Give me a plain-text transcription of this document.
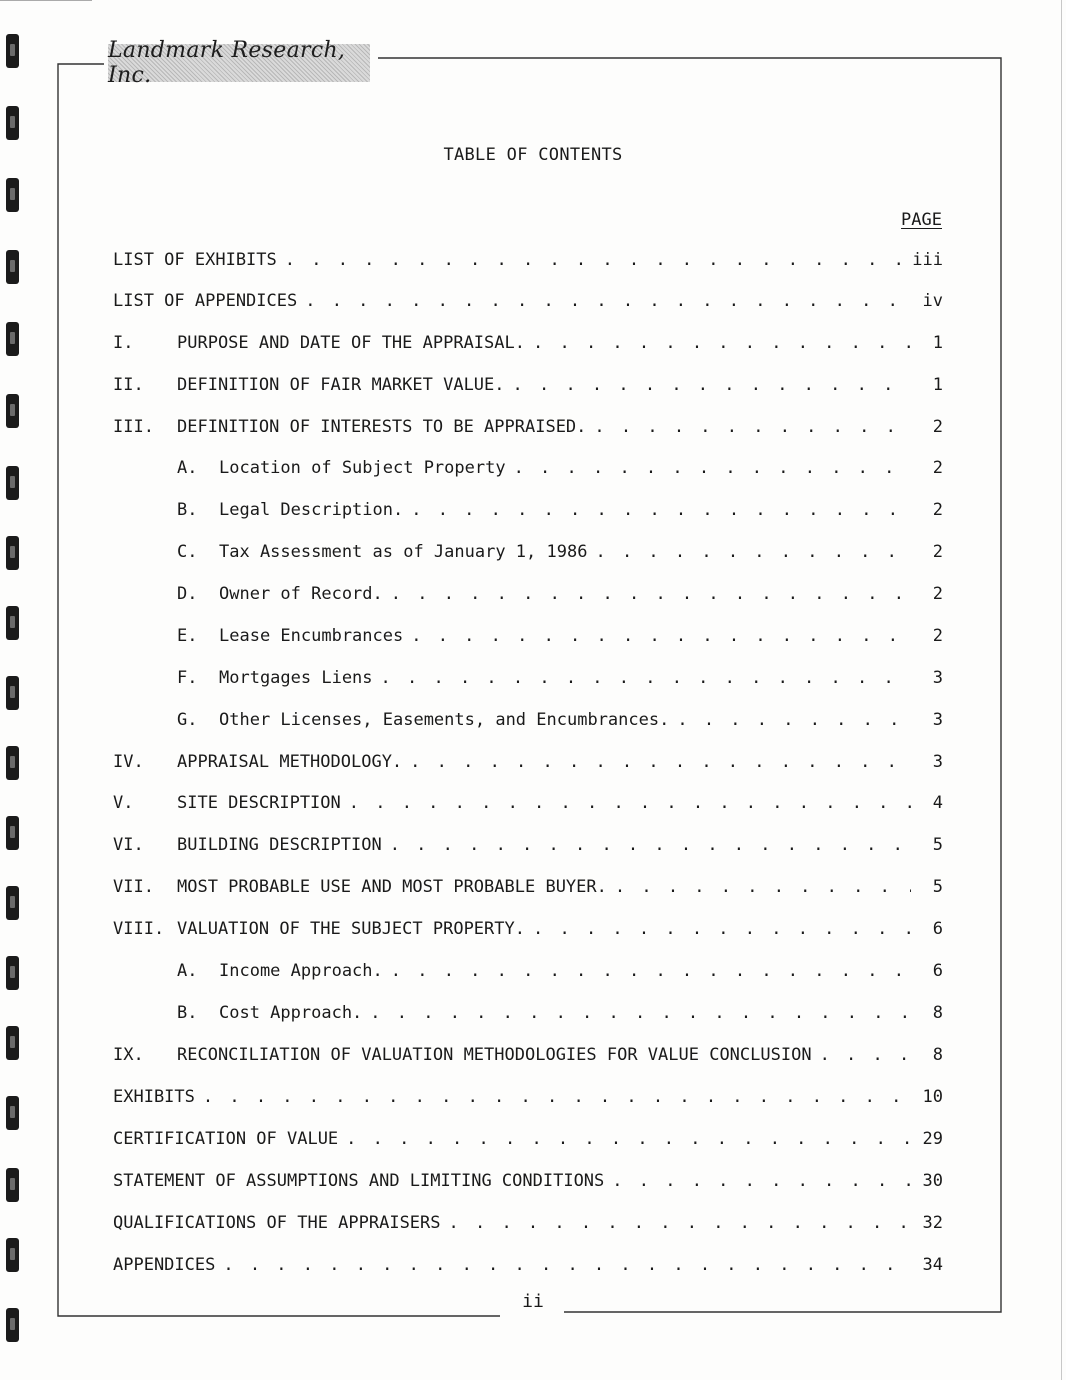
Landmark Research, Inc.
TABLE OF CONTENTS
PAGE
LIST OF EXHIBITS . . .	iii
LIST OF APPENDICES . . .	iv
I.	PURPOSE AND DATE OF THE APPRAISAL. . . .	1
II.	DEFINITION OF FAIR MARKET VALUE. . . .	1
III.	DEFINITION OF INTERESTS TO BE APPRAISED. . . .	2
A.	Location of Subject Property . . .	2
B.	Legal Description. . . .	2
C.	Tax Assessment as of January 1, 1986 . . .	2
D.	Owner of Record. . . .	2
E.	Lease Encumbrances . . .	2
F.	Mortgages Liens . . .	3
G.	Other Licenses, Easements, and Encumbrances. . . .	3
IV.	APPRAISAL METHODOLOGY. . . .	3
V.	SITE DESCRIPTION . . .	4
VI.	BUILDING DESCRIPTION . . .	5
VII.	MOST PROBABLE USE AND MOST PROBABLE BUYER. . . .	5
VIII. VALUATION OF THE SUBJECT PROPERTY. . . .	6
A.	Income Approach. . . .	6
B.	Cost Approach. . . .	8
IX.	RECONCILIATION OF VALUATION METHODOLOGIES FOR VALUE CONCLUSION . . .	8
EXHIBITS . . .	10
CERTIFICATION OF VALUE . . .	29
STATEMENT OF ASSUMPTIONS AND LIMITING CONDITIONS . . .	30
QUALIFICATIONS OF THE APPRAISERS . . .	32
APPENDICES . . .	34
ii
